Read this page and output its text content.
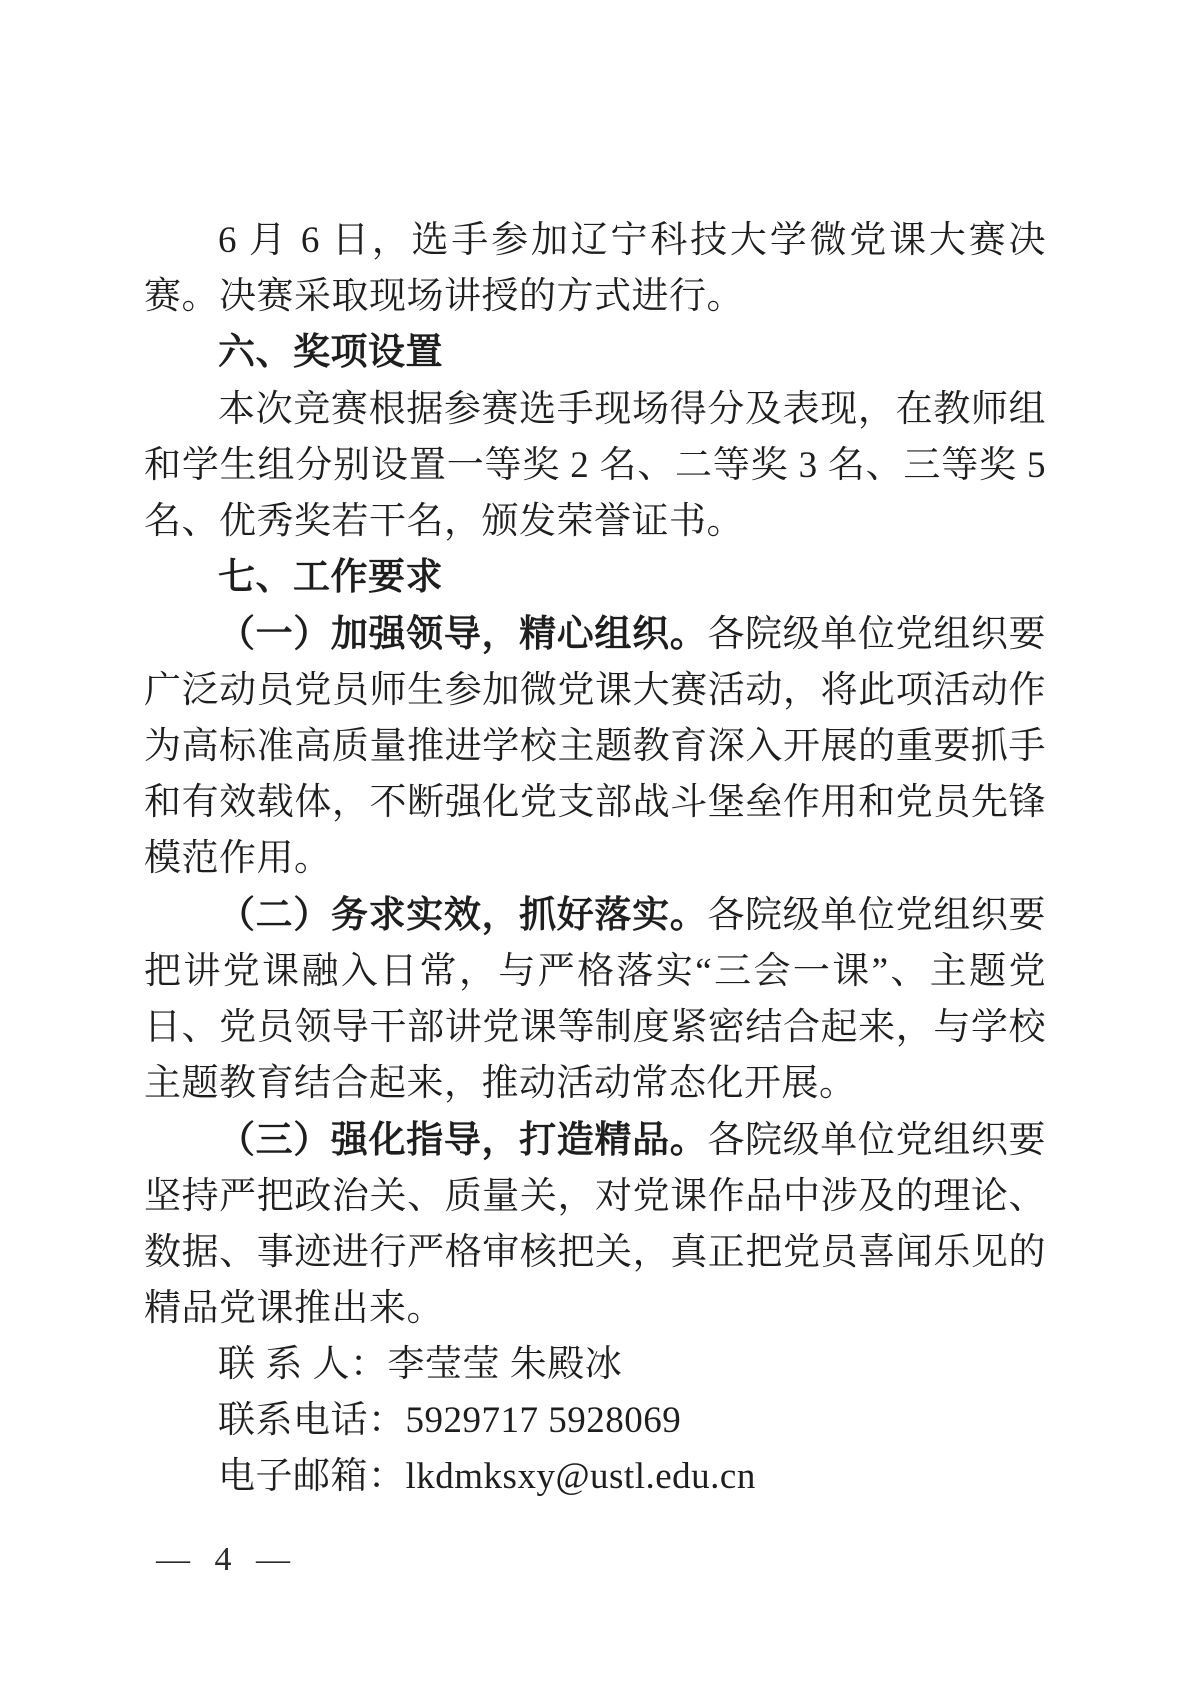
6 月 6 日，选手参加辽宁科技大学微党课大赛决赛。决赛采取现场讲授的方式进行。

六、奖项设置

本次竞赛根据参赛选手现场得分及表现，在教师组和学生组分别设置一等奖 2 名、二等奖 3 名、三等奖 5 名、优秀奖若干名，颁发荣誉证书。

七、工作要求

（一）加强领导，精心组织。各院级单位党组织要广泛动员党员师生参加微党课大赛活动，将此项活动作为高标准高质量推进学校主题教育深入开展的重要抓手和有效载体，不断强化党支部战斗堡垒作用和党员先锋模范作用。

（二）务求实效，抓好落实。各院级单位党组织要把讲党课融入日常，与严格落实“三会一课”、主题党日、党员领导干部讲党课等制度紧密结合起来，与学校主题教育结合起来，推动活动常态化开展。

（三）强化指导，打造精品。各院级单位党组织要坚持严把政治关、质量关，对党课作品中涉及的理论、数据、事迹进行严格审核把关，真正把党员喜闻乐见的精品党课推出来。

联 系 人：李莹莹 朱殿冰

联系电话：5929717 5928069

电子邮箱：lkdmksxy@ustl.edu.cn

— 4 —
